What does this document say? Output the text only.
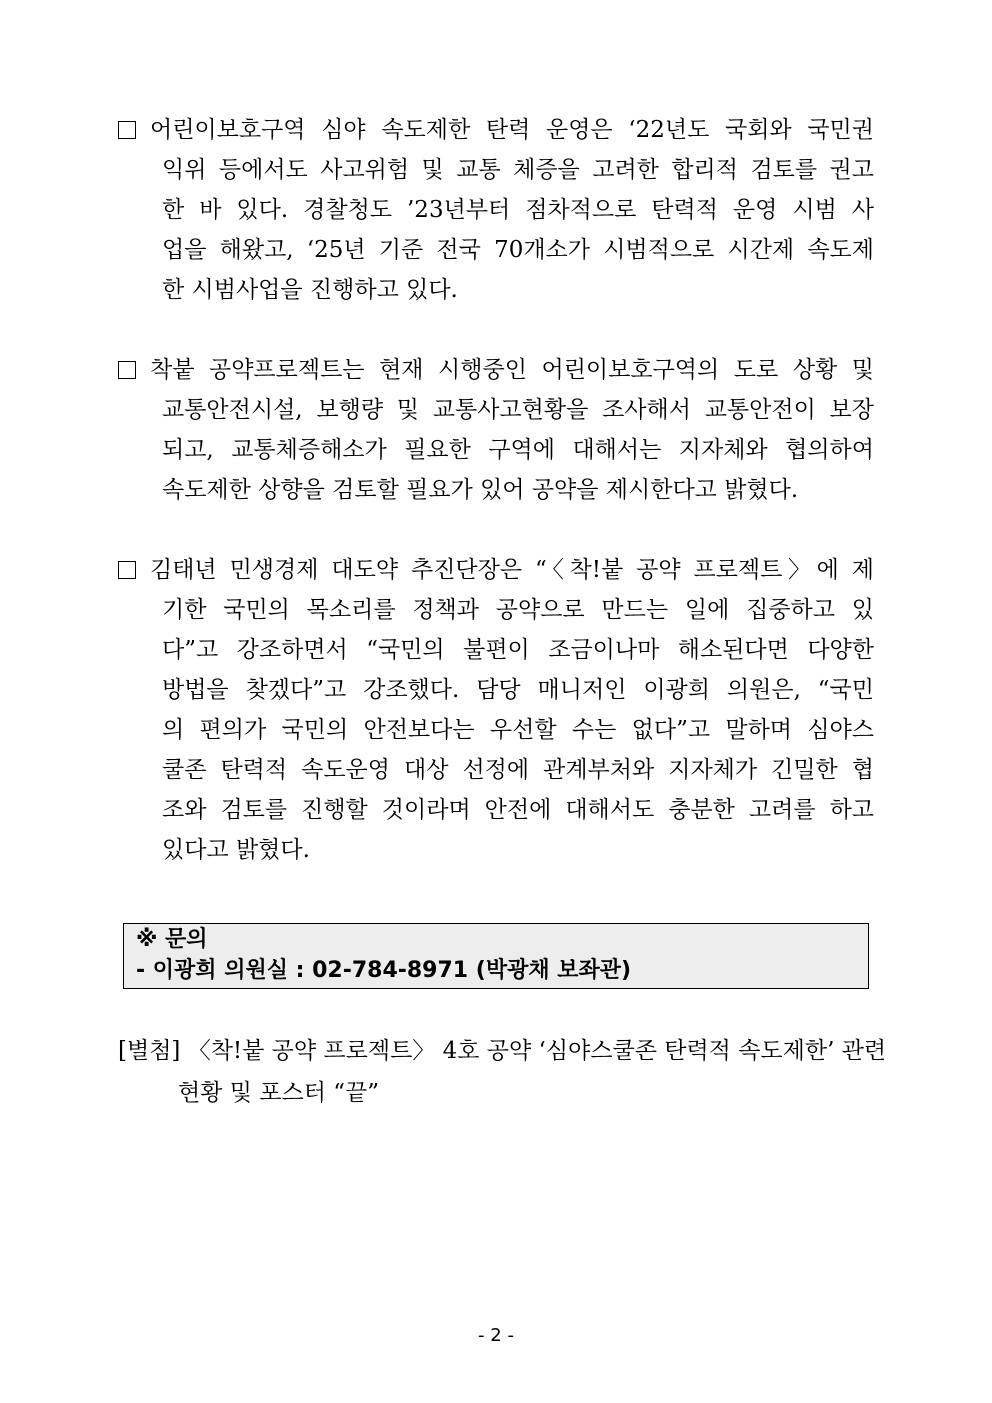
어린이보호구역 심야 속도제한 탄력 운영은 ‘22년도 국회와 국민권
익위 등에서도 사고위험 및 교통 체증을 고려한 합리적 검토를 권고
한 바 있다. 경찰청도 ’23년부터 점차적으로 탄력적 운영 시범 사
업을 해왔고, ‘25년 기준 전국 70개소가 시범적으로 시간제 속도제
한 시범사업을 진행하고 있다.
착붙 공약프로젝트는 현재 시행중인 어린이보호구역의 도로 상황 및
교통안전시설, 보행량 및 교통사고현황을 조사해서 교통안전이 보장
되고, 교통체증해소가 필요한 구역에 대해서는 지자체와 협의하여
속도제한 상향을 검토할 필요가 있어 공약을 제시한다고 밝혔다.
김태년 민생경제 대도약 추진단장은 “〈착!붙 공약 프로젝트〉에 제
기한 국민의 목소리를 정책과 공약으로 만드는 일에 집중하고 있
다”고 강조하면서 “국민의 불편이 조금이나마 해소된다면 다양한
방법을 찾겠다”고 강조했다. 담당 매니저인 이광희 의원은, “국민
의 편의가 국민의 안전보다는 우선할 수는 없다”고 말하며 심야스
쿨존 탄력적 속도운영 대상 선정에 관계부처와 지자체가 긴밀한 협
조와 검토를 진행할 것이라며 안전에 대해서도 충분한 고려를 하고
있다고 밝혔다.
※ 문의
- 이광희 의원실 : 02-784-8971 (박광채 보좌관)
[별첨] 〈착!붙 공약 프로젝트〉 4호 공약 ‘심야스쿨존 탄력적 속도제한’ 관련
현황 및 포스터 “끝”
- 2 -
